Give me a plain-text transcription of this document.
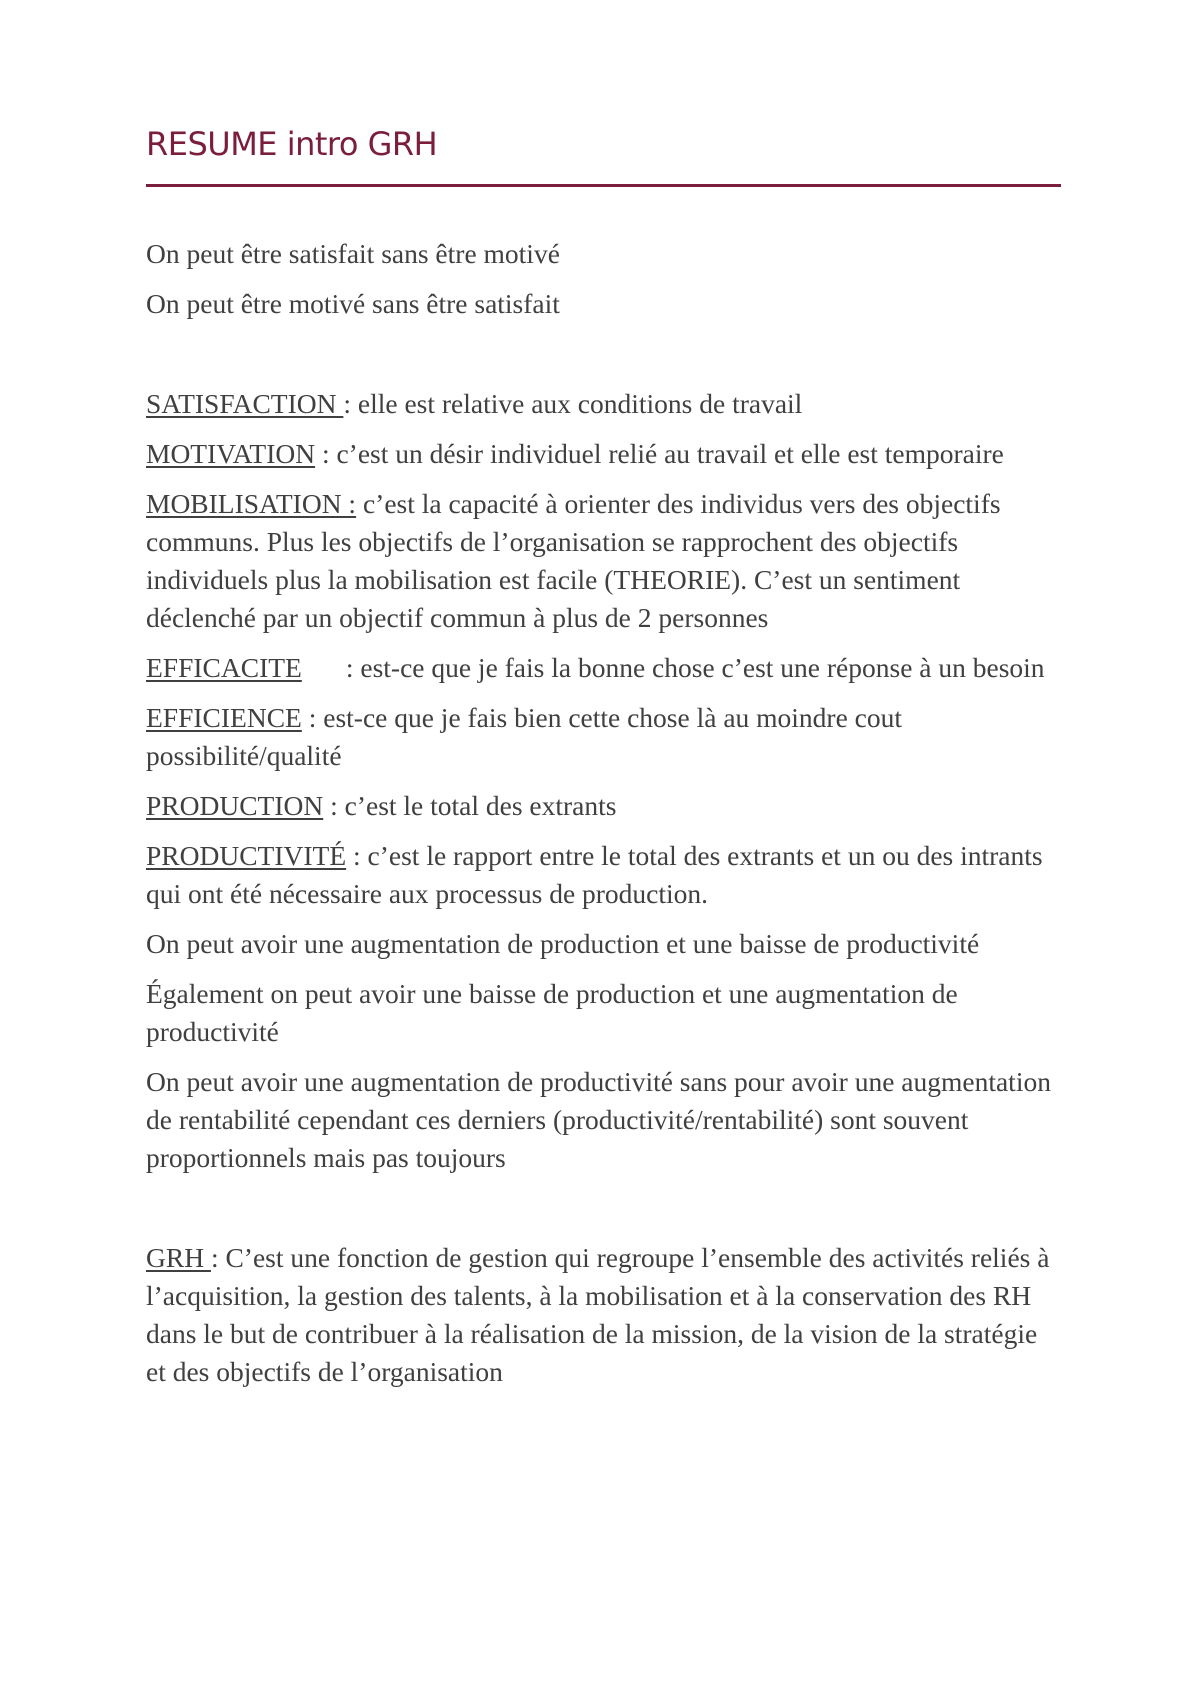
RESUME intro GRH

On peut être satisfait sans être motivé

On peut être motivé sans être satisfait

SATISFACTION : elle est relative aux conditions de travail

MOTIVATION : c’est un désir individuel relié au travail et elle est temporaire

MOBILISATION : c’est la capacité à orienter des individus vers des objectifs communs. Plus les objectifs de l’organisation se rapprochent des objectifs individuels plus la mobilisation est facile (THEORIE). C’est un sentiment déclenché par un objectif commun à plus de 2 personnes

EFFICACITE : est-ce que je fais la bonne chose c’est une réponse à un besoin

EFFICIENCE : est-ce que je fais bien cette chose là au moindre cout possibilité/qualité

PRODUCTION : c’est le total des extrants

PRODUCTIVITÉ : c’est le rapport entre le total des extrants et un ou des intrants qui ont été nécessaire aux processus de production.

On peut avoir une augmentation de production et une baisse de productivité

Également on peut avoir une baisse de production et une augmentation de productivité

On peut avoir une augmentation de productivité sans pour avoir une augmentation de rentabilité cependant ces derniers (productivité/rentabilité) sont souvent proportionnels mais pas toujours

GRH : C’est une fonction de gestion qui regroupe l’ensemble des activités reliés à l’acquisition, la gestion des talents, à la mobilisation et à la conservation des RH dans le but de contribuer à la réalisation de la mission, de la vision de la stratégie et des objectifs de l’organisation
